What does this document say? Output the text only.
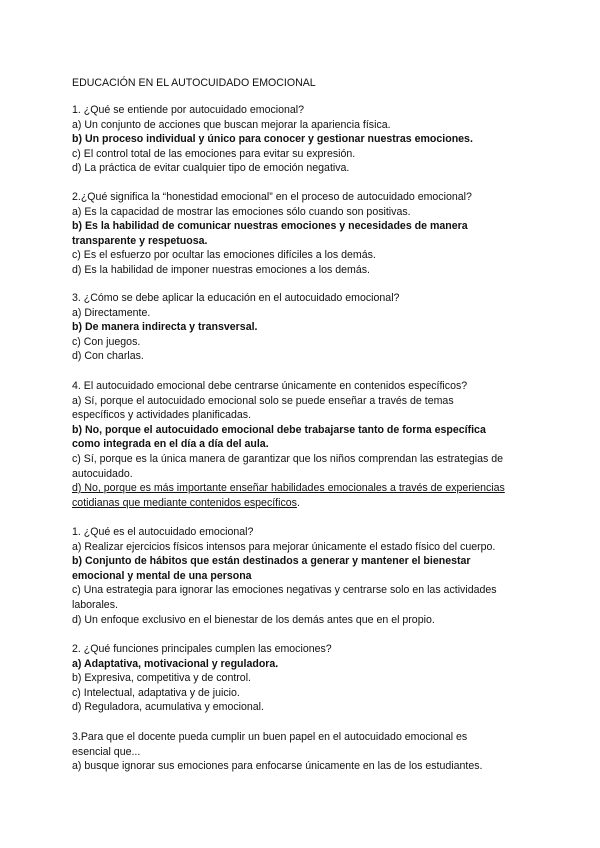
EDUCACIÓN EN EL AUTOCUIDADO EMOCIONAL
1. ¿Qué se entiende por autocuidado emocional?
a) Un conjunto de acciones que buscan mejorar la apariencia física.
b) Un proceso individual y único para conocer y gestionar nuestras emociones.
c) El control total de las emociones para evitar su expresión.
d) La práctica de evitar cualquier tipo de emoción negativa.
2.¿Qué significa la “honestidad emocional” en el proceso de autocuidado emocional?
a) Es la capacidad de mostrar las emociones sólo cuando son positivas.
b) Es la habilidad de comunicar nuestras emociones y necesidades de manera
transparente y respetuosa.
c) Es el esfuerzo por ocultar las emociones difíciles a los demás.
d) Es la habilidad de imponer nuestras emociones a los demás.
3. ¿Cómo se debe aplicar la educación en el autocuidado emocional?
a) Directamente.
b) De manera indirecta y transversal.
c) Con juegos.
d) Con charlas.
4. El autocuidado emocional debe centrarse únicamente en contenidos específicos?
a) Sí, porque el autocuidado emocional solo se puede enseñar a través de temas
específicos y actividades planificadas.
b) No, porque el autocuidado emocional debe trabajarse tanto de forma específica
como integrada en el día a día del aula.
c) Sí, porque es la única manera de garantizar que los niños comprendan las estrategias de
autocuidado.
d) No, porque es más importante enseñar habilidades emocionales a través de experiencias
cotidianas que mediante contenidos específicos.
1. ¿Qué es el autocuidado emocional?
a) Realizar ejercicios físicos intensos para mejorar únicamente el estado físico del cuerpo.
b) Conjunto de hábitos que están destinados a generar y mantener el bienestar
emocional y mental de una persona
c) Una estrategia para ignorar las emociones negativas y centrarse solo en las actividades
laborales.
d) Un enfoque exclusivo en el bienestar de los demás antes que en el propio.
2. ¿Qué funciones principales cumplen las emociones?
a) Adaptativa, motivacional y reguladora.
b) Expresiva, competitiva y de control.
c) Intelectual, adaptativa y de juicio.
d) Reguladora, acumulativa y emocional.
3.Para que el docente pueda cumplir un buen papel en el autocuidado emocional es
esencial que...
a) busque ignorar sus emociones para enfocarse únicamente en las de los estudiantes.
